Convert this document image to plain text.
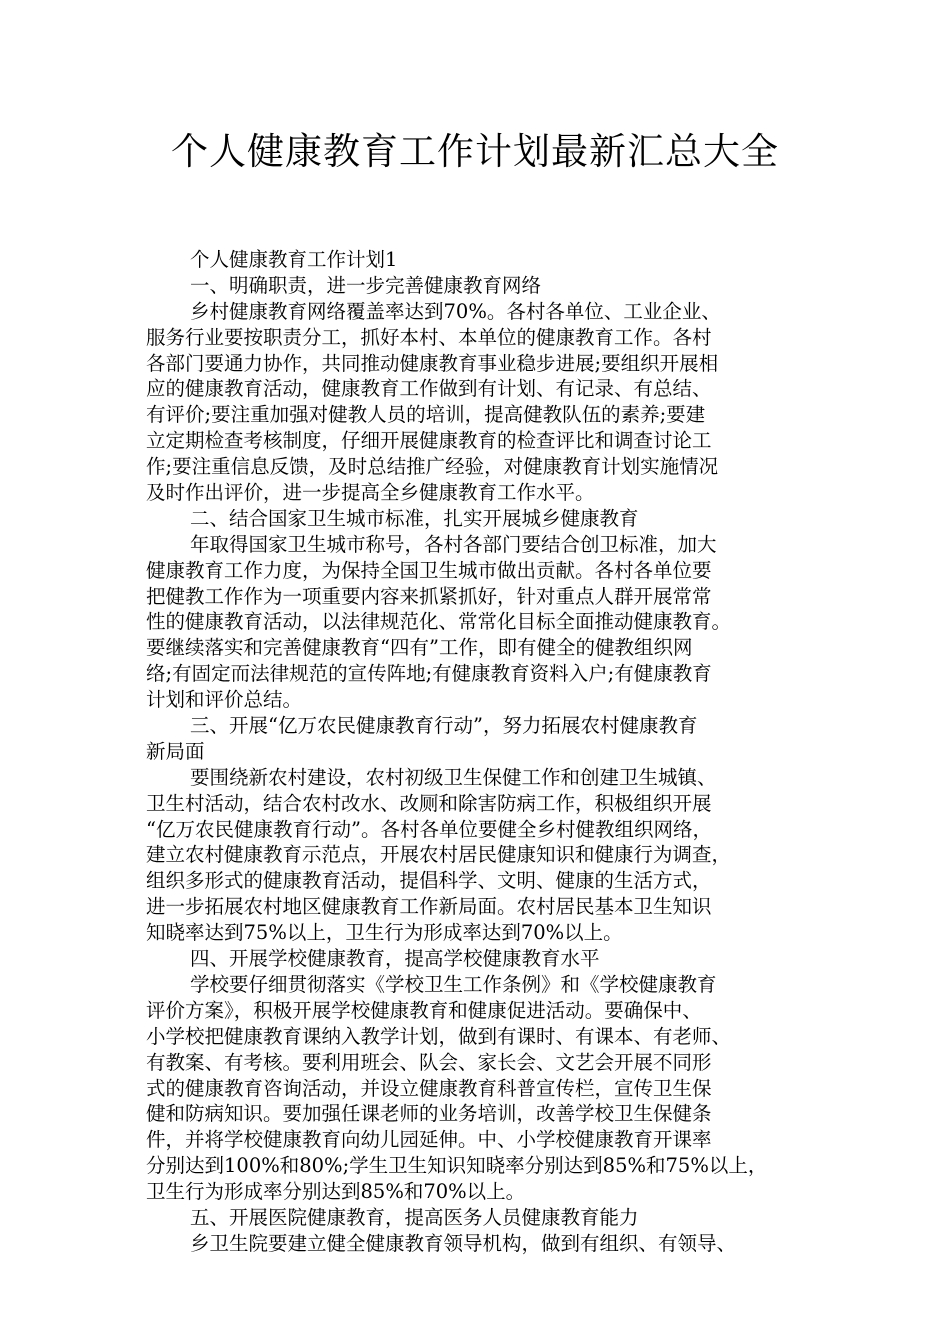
个人健康教育工作计划最新汇总大全
个人健康教育工作计划1
一、明确职责，进一步完善健康教育网络
乡村健康教育网络覆盖率达到70%。各村各单位、工业企业、
服务行业要按职责分工，抓好本村、本单位的健康教育工作。各村
各部门要通力协作，共同推动健康教育事业稳步进展;要组织开展相
应的健康教育活动，健康教育工作做到有计划、有记录、有总结、
有评价;要注重加强对健教人员的培训，提高健教队伍的素养;要建
立定期检查考核制度，仔细开展健康教育的检查评比和调查讨论工
作;要注重信息反馈，及时总结推广经验，对健康教育计划实施情况
及时作出评价，进一步提高全乡健康教育工作水平。
二、结合国家卫生城市标准，扎实开展城乡健康教育
年取得国家卫生城市称号，各村各部门要结合创卫标准，加大
健康教育工作力度，为保持全国卫生城市做出贡献。各村各单位要
把健教工作作为一项重要内容来抓紧抓好，针对重点人群开展常常
性的健康教育活动，以法律规范化、常常化目标全面推动健康教育。
要继续落实和完善健康教育“四有”工作，即有健全的健教组织网
络;有固定而法律规范的宣传阵地;有健康教育资料入户;有健康教育
计划和评价总结。
三、开展“亿万农民健康教育行动”，努力拓展农村健康教育
新局面
要围绕新农村建设，农村初级卫生保健工作和创建卫生城镇、
卫生村活动，结合农村改水、改厕和除害防病工作，积极组织开展
“亿万农民健康教育行动”。各村各单位要健全乡村健教组织网络，
建立农村健康教育示范点，开展农村居民健康知识和健康行为调查，
组织多形式的健康教育活动，提倡科学、文明、健康的生活方式，
进一步拓展农村地区健康教育工作新局面。农村居民基本卫生知识
知晓率达到75%以上，卫生行为形成率达到70%以上。
四、开展学校健康教育，提高学校健康教育水平
学校要仔细贯彻落实《学校卫生工作条例》和《学校健康教育
评价方案》，积极开展学校健康教育和健康促进活动。要确保中、
小学校把健康教育课纳入教学计划，做到有课时、有课本、有老师、
有教案、有考核。要利用班会、队会、家长会、文艺会开展不同形
式的健康教育咨询活动，并设立健康教育科普宣传栏，宣传卫生保
健和防病知识。要加强任课老师的业务培训，改善学校卫生保健条
件，并将学校健康教育向幼儿园延伸。中、小学校健康教育开课率
分别达到100%和80%;学生卫生知识知晓率分别达到85%和75%以上，
卫生行为形成率分别达到85%和70%以上。
五、开展医院健康教育，提高医务人员健康教育能力
乡卫生院要建立健全健康教育领导机构，做到有组织、有领导、
